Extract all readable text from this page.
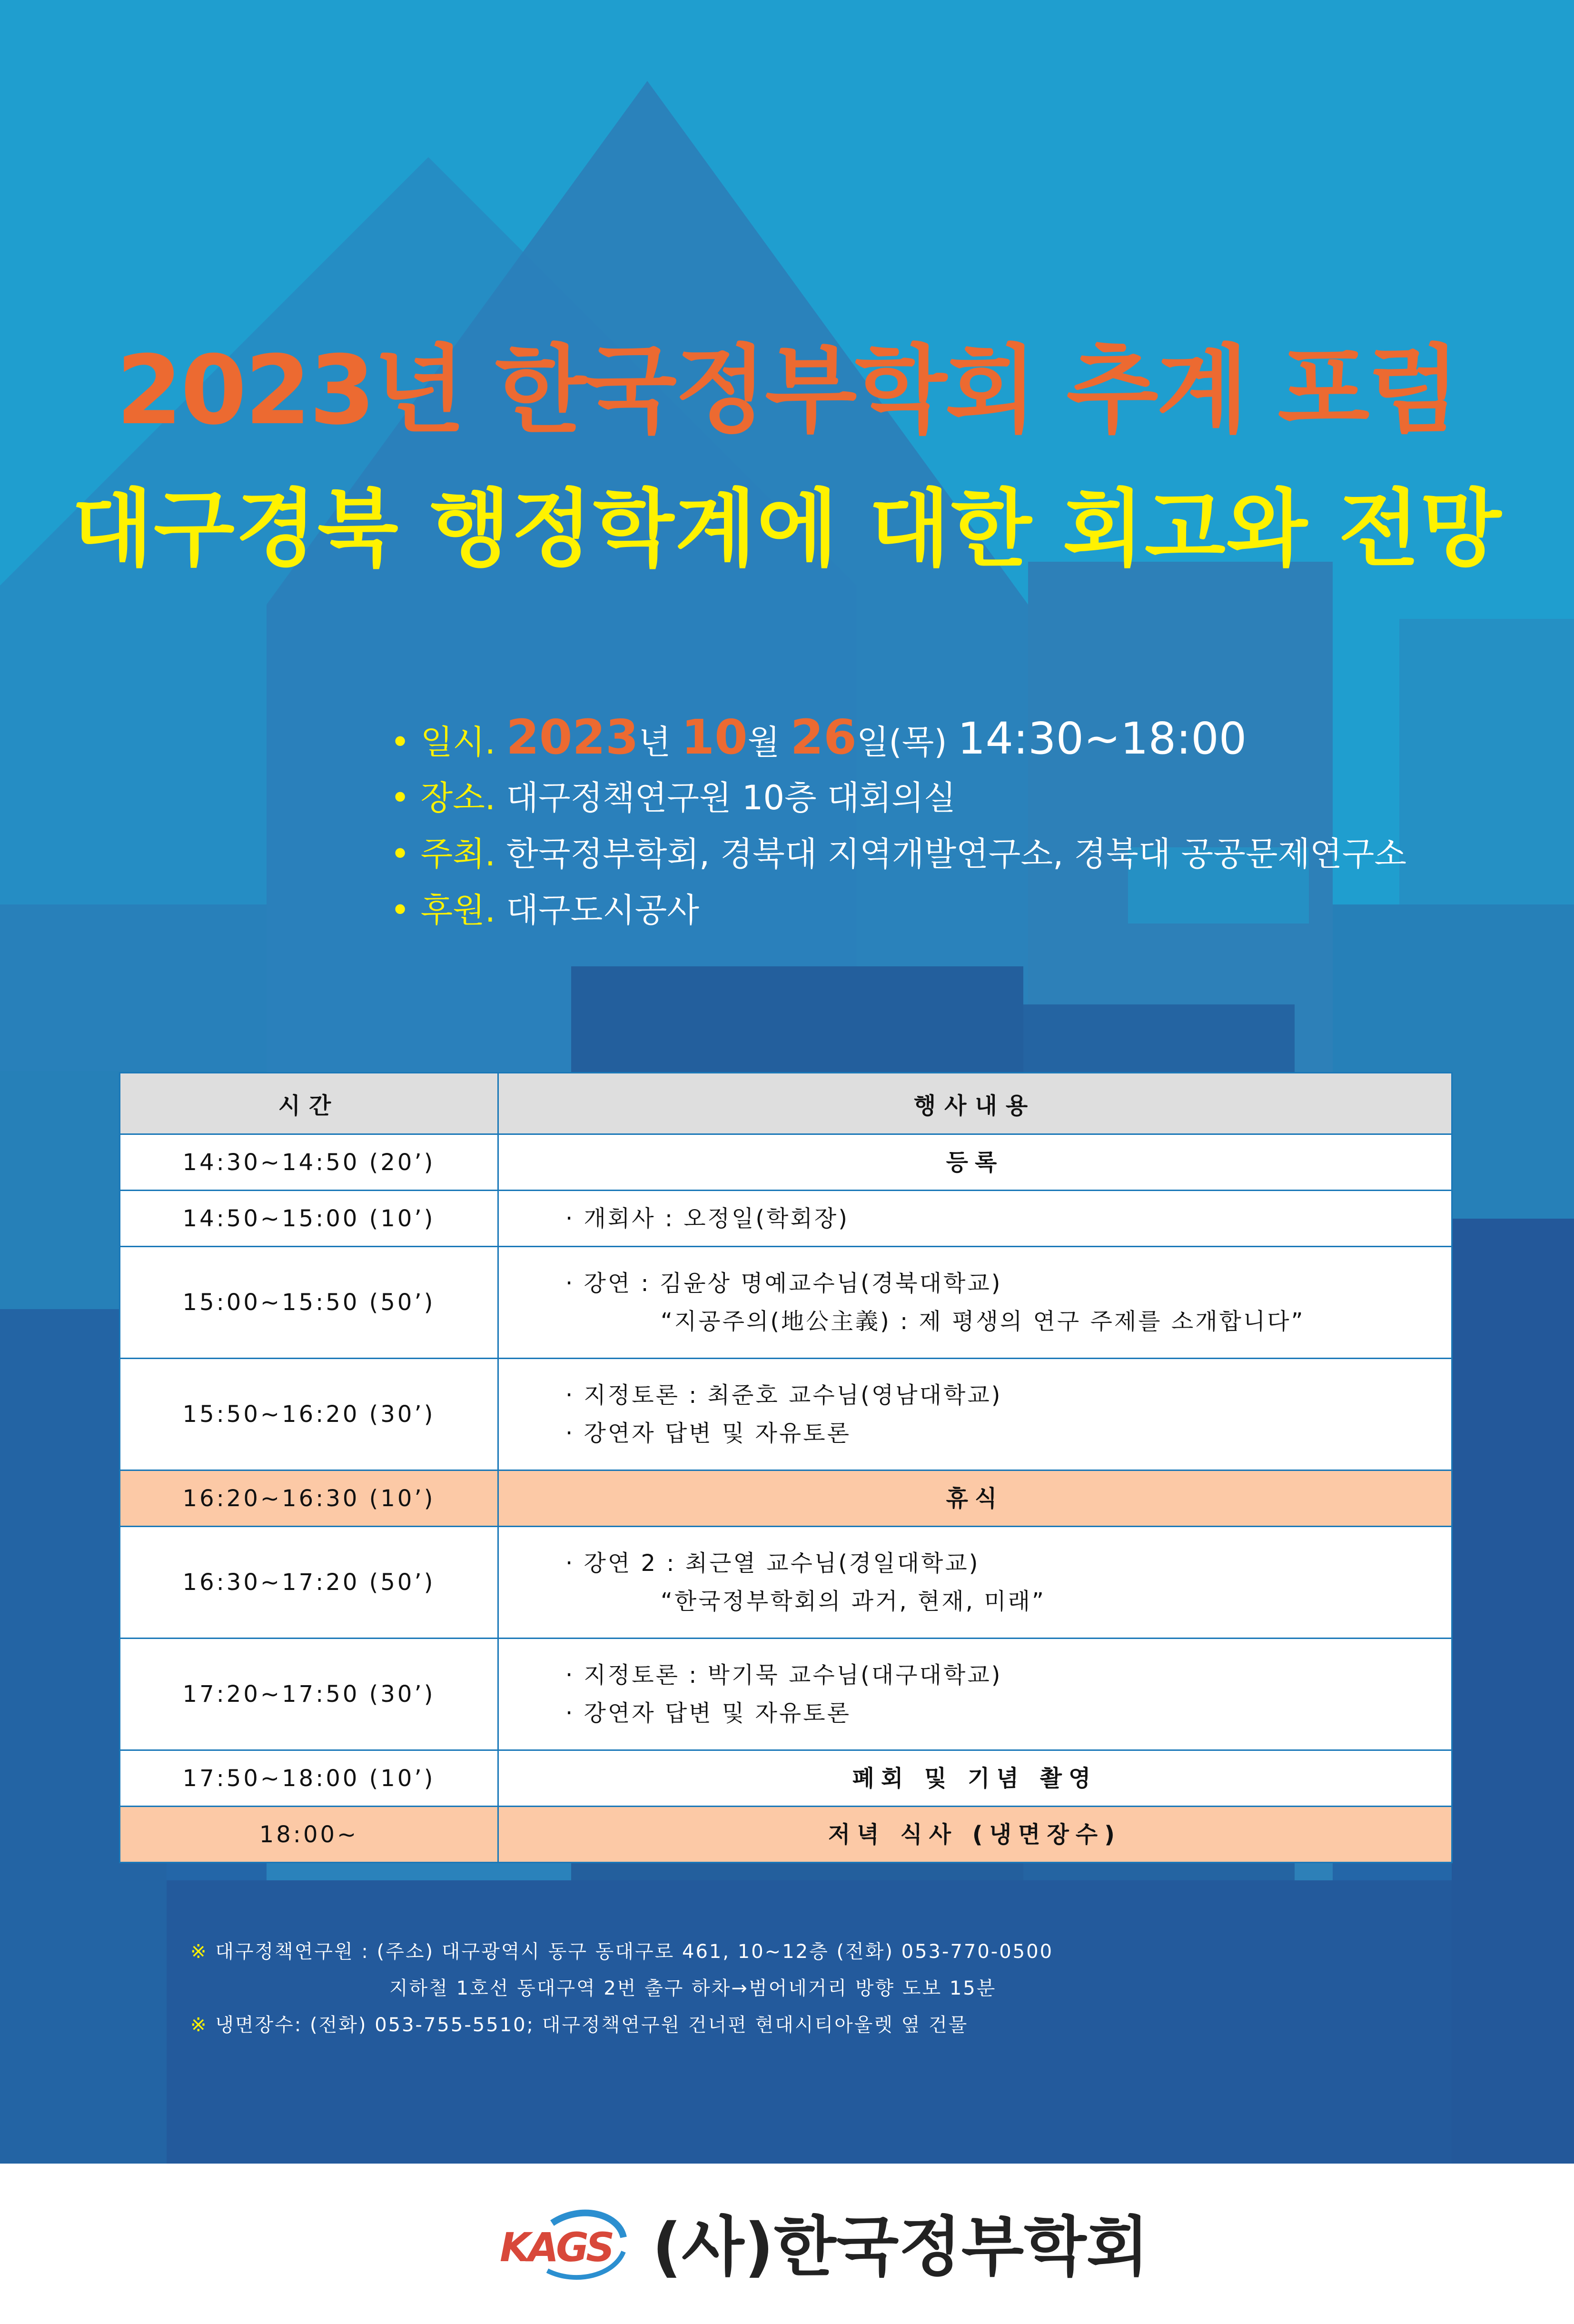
2023년 한국정부학회 추계 포럼
대구경북 행정학계에 대한 회고와 전망
• 일시. 2023년 10월 26일(목) 14:30~18:00
• 장소. 대구정책연구원 10층 대회의실
• 주최. 한국정부학회, 경북대 지역개발연구소, 경북대 공공문제연구소
• 후원. 대구도시공사
시간	행사내용
14:30~14:50 (20’)	등록

14:50~15:00 (10’)	· 개회사 : 오정일(학회장)

15:00~15:50 (50’)	· 강연 : 김윤상 명예교수님(경북대학교)
“지공주의(地公主義) : 제 평생의 연구 주제를 소개합니다”

15:50~16:20 (30’)	· 지정토론 : 최준호 교수님(영남대학교)
· 강연자 답변 및 자유토론

16:20~16:30 (10’)	휴식

16:30~17:20 (50’)	· 강연 2 : 최근열 교수님(경일대학교)
“한국정부학회의 과거, 현재, 미래”

17:20~17:50 (30’)	· 지정토론 : 박기묵 교수님(대구대학교)
· 강연자 답변 및 자유토론

17:50~18:00 (10’)	폐회 및 기념 촬영

18:00~	저녁 식사 (냉면장수)
※ 대구정책연구원 : (주소) 대구광역시 동구 동대구로 461, 10~12층 (전화) 053-770-0500
지하철 1호선 동대구역 2번 출구 하차→범어네거리 방향 도보 15분
※ 냉면장수: (전화) 053-755-5510; 대구정책연구원 건너편 현대시티아울렛 옆 건물
KAGS (사)한국정부학회
